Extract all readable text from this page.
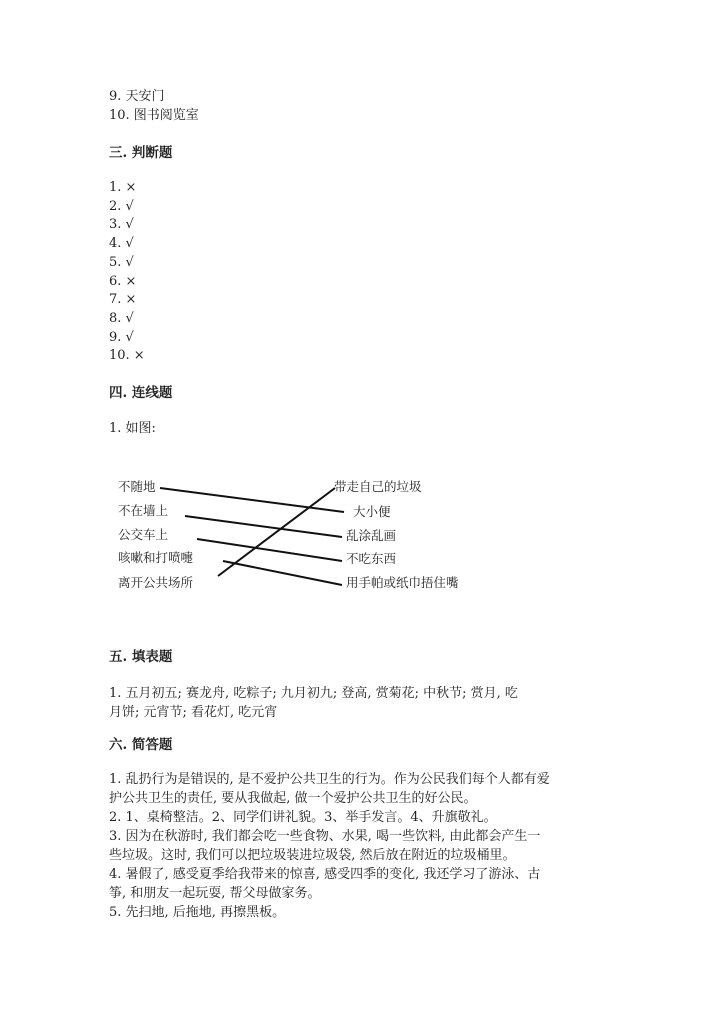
9. 天安门
10. 图书阅览室
三. 判断题
1. ×
2. √
3. √
4. √
5. √
6. ×
7. ×
8. √
9. √
10. ×
四. 连线题
1. 如图:
不随地
不在墙上
公交车上
咳嗽和打喷嚏
离开公共场所
带走自己的垃圾
大小便
乱涂乱画
不吃东西
用手帕或纸巾捂住嘴
五. 填表题
1. 五月初五; 赛龙舟, 吃粽子; 九月初九; 登高, 赏菊花; 中秋节; 赏月, 吃
月饼; 元宵节; 看花灯, 吃元宵
六. 简答题
1. 乱扔行为是错误的, 是不爱护公共卫生的行为。作为公民我们每个人都有爱
护公共卫生的责任, 要从我做起, 做一个爱护公共卫生的好公民。
2. 1、桌椅整洁。2、同学们讲礼貌。3、举手发言。4、升旗敬礼。
3. 因为在秋游时, 我们都会吃一些食物、水果, 喝一些饮料, 由此都会产生一
些垃圾。这时, 我们可以把垃圾装进垃圾袋, 然后放在附近的垃圾桶里。
4. 暑假了, 感受夏季给我带来的惊喜, 感受四季的变化, 我还学习了游泳、古
筝, 和朋友一起玩耍, 帮父母做家务。
5. 先扫地, 后拖地, 再擦黑板。
